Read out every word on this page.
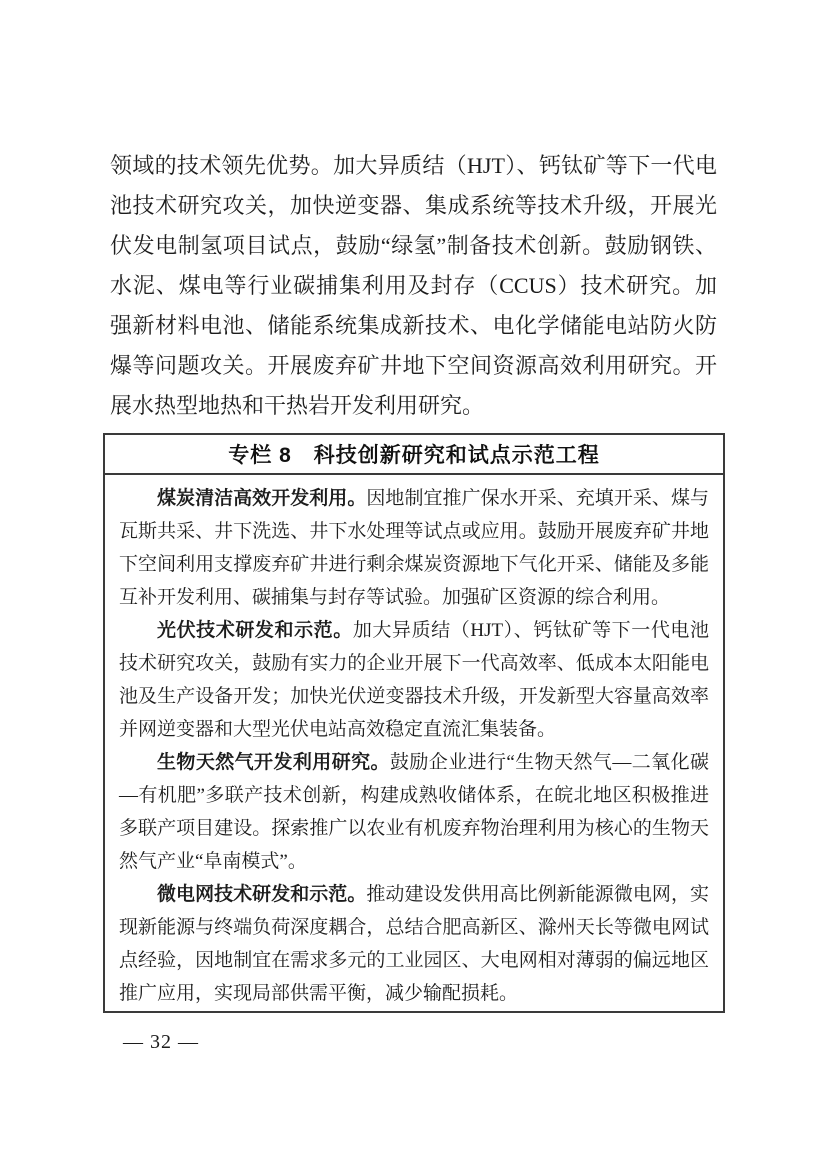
领域的技术领先优势。加大异质结（HJT）、钙钛矿等下一代电池技术研究攻关，加快逆变器、集成系统等技术升级，开展光伏发电制氢项目试点，鼓励“绿氢”制备技术创新。鼓励钢铁、水泥、煤电等行业碳捕集利用及封存（CCUS）技术研究。加强新材料电池、储能系统集成新技术、电化学储能电站防火防爆等问题攻关。开展废弃矿井地下空间资源高效利用研究。开展水热型地热和干热岩开发利用研究。
专栏 8　科技创新研究和试点示范工程

煤炭清洁高效开发利用。因地制宜推广保水开采、充填开采、煤与瓦斯共采、井下洗选、井下水处理等试点或应用。鼓励开展废弃矿井地下空间利用支撑废弃矿井进行剩余煤炭资源地下气化开采、储能及多能互补开发利用、碳捕集与封存等试验。加强矿区资源的综合利用。

光伏技术研发和示范。加大异质结（HJT）、钙钛矿等下一代电池技术研究攻关，鼓励有实力的企业开展下一代高效率、低成本太阳能电池及生产设备开发；加快光伏逆变器技术升级，开发新型大容量高效率并网逆变器和大型光伏电站高效稳定直流汇集装备。

生物天然气开发利用研究。鼓励企业进行“生物天然气—二氧化碳—有机肥”多联产技术创新，构建成熟收储体系，在皖北地区积极推进多联产项目建设。探索推广以农业有机废弃物治理利用为核心的生物天然气产业“阜南模式”。

微电网技术研发和示范。推动建设发供用高比例新能源微电网，实现新能源与终端负荷深度耦合，总结合肥高新区、滁州天长等微电网试点经验，因地制宜在需求多元的工业园区、大电网相对薄弱的偏远地区推广应用，实现局部供需平衡，减少输配损耗。

— 32 —
